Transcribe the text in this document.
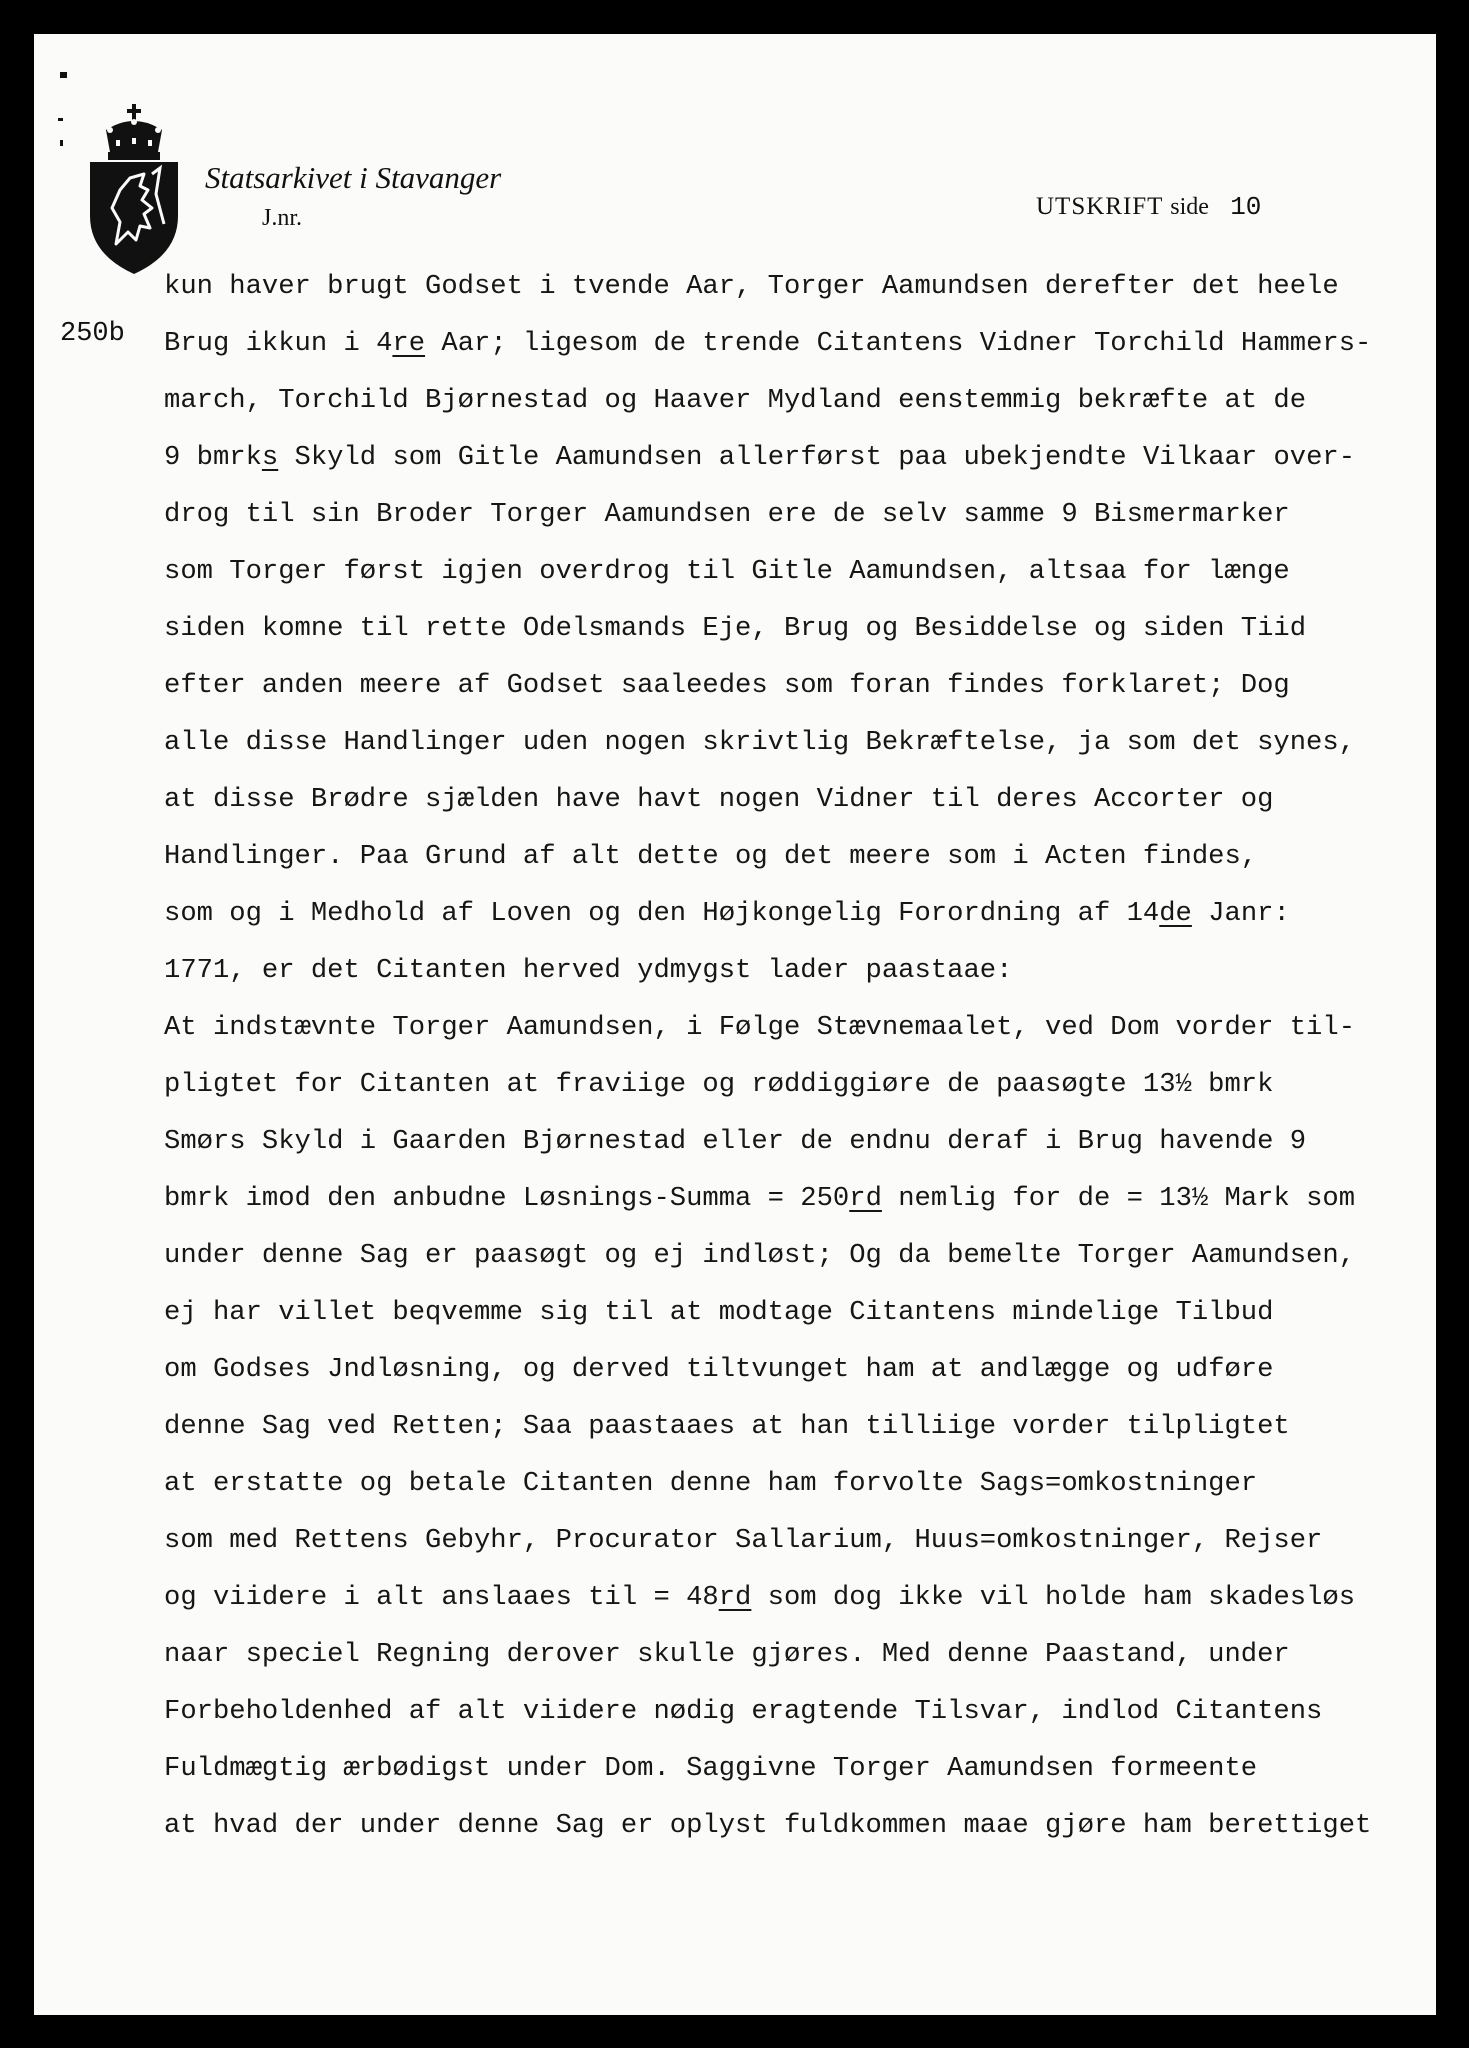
Statsarkivet i Stavanger
J.nr.	UTSKRIFT side 10
250b
kun haver brugt Godset i tvende Aar, Torger Aamundsen derefter det heele
Brug ikkun i 4re Aar; ligesom de trende Citantens Vidner Torchild Hammers-
march, Torchild Bjørnestad og Haaver Mydland eenstemmig bekræfte at de
9 bmrks Skyld som Gitle Aamundsen allerførst paa ubekjendte Vilkaar over-
drog til sin Broder Torger Aamundsen ere de selv samme 9 Bismermarker
som Torger først igjen overdrog til Gitle Aamundsen, altsaa for længe
siden komne til rette Odelsmands Eje, Brug og Besiddelse og siden Tiid
efter anden meere af Godset saaleedes som foran findes forklaret; Dog
alle disse Handlinger uden nogen skrivtlig Bekræftelse, ja som det synes,
at disse Brødre sjælden have havt nogen Vidner til deres Accorter og
Handlinger. Paa Grund af alt dette og det meere som i Acten findes,
som og i Medhold af Loven og den Højkongelig Forordning af 14de Janr:
1771, er det Citanten herved ydmygst lader paastaae:
At indstævnte Torger Aamundsen, i Følge Stævnemaalet, ved Dom vorder til-
pligtet for Citanten at fraviige og røddiggiøre de paasøgte 13½ bmrk
Smørs Skyld i Gaarden Bjørnestad eller de endnu deraf i Brug havende 9
bmrk imod den anbudne Løsnings-Summa = 250rd nemlig for de = 13½ Mark som
under denne Sag er paasøgt og ej indløst; Og da bemelte Torger Aamundsen,
ej har villet beqvemme sig til at modtage Citantens mindelige Tilbud
om Godses Jndløsning, og derved tiltvunget ham at andlægge og udføre
denne Sag ved Retten; Saa paastaaes at han tilliige vorder tilpligtet
at erstatte og betale Citanten denne ham forvolte Sags=omkostninger
som med Rettens Gebyhr, Procurator Sallarium, Huus=omkostninger, Rejser
og viidere i alt anslaaes til = 48rd som dog ikke vil holde ham skadesløs
naar speciel Regning derover skulle gjøres. Med denne Paastand, under
Forbeholdenhed af alt viidere nødig eragtende Tilsvar, indlod Citantens
Fuldmægtig ærbødigst under Dom. Saggivne Torger Aamundsen formeente
at hvad der under denne Sag er oplyst fuldkommen maae gjøre ham berettiget
